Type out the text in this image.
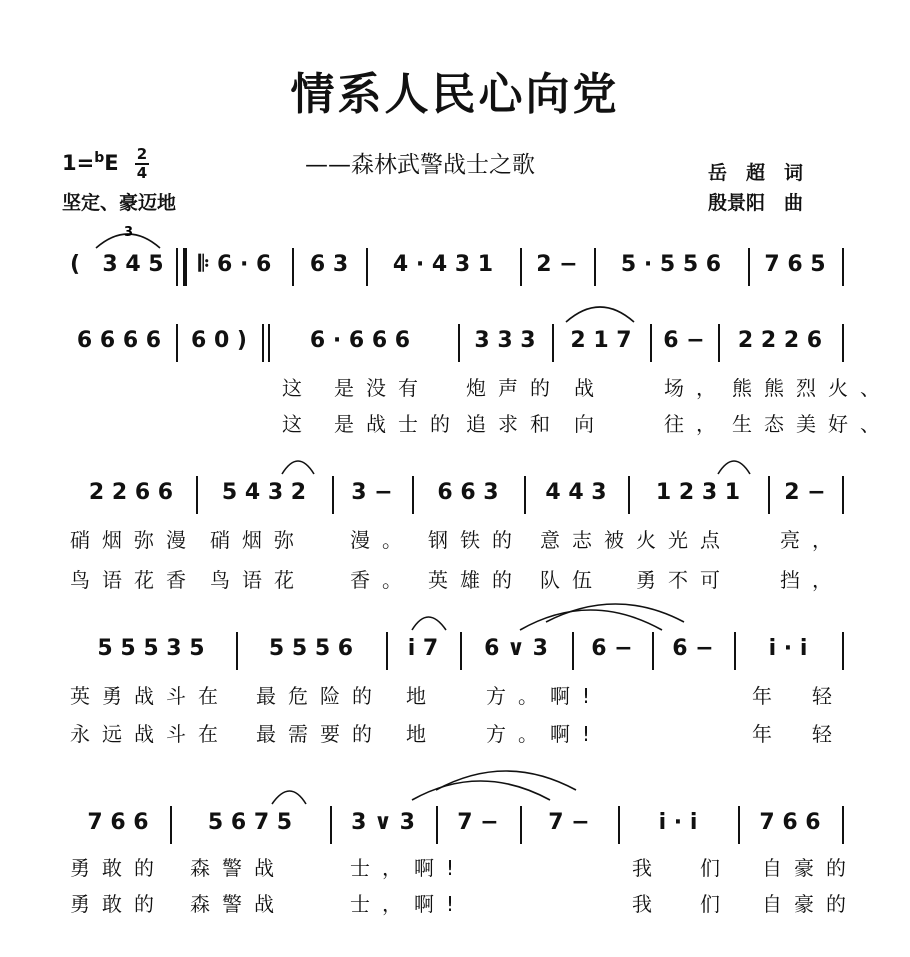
情系人民心向党
——森林武警战士之歌
1=$^b$E 2
4
坚定、豪迈地
岳　超　词
殷景阳　曲
(	3 4 5	𝄆 6 · 6	6 3	4 · 4 3 1	2 −	5 · 5 5 6	7 6 5
6 6 6 6	6 0 )	6 · 6 6 6	3 3 3	2 1 7	6 −	2 2 2 6
2 2 6 6	5 4 3 2	3 −	6 6 3	4 4 3	1 2 3 1	2 −
5 5 5 3 5	5 5 5 6	i 7	6 ∨ 3	6 −	6 −	i · i
7 6 6	5 6 7 5	3 ∨ 3	7 −	7 −	i · i	7 6 6
这 是没有 炮声的 战	场， 熊熊烈火、
这 是战士的 追求和 向	往， 生态美好、
硝烟弥漫 硝烟弥 漫。 钢铁的 意志被 火光点 亮，
鸟语花香 鸟语花 香。 英雄的 队伍 勇不可 挡，
英勇战斗在 最危险的 地 方。啊!	年 轻
永远战斗在 最需要的 地 方。啊!	年 轻
勇敢的 森警战	士，啊!	我 们 自豪的
勇敢的 森警战	士，啊!	我 们 自豪的
3
